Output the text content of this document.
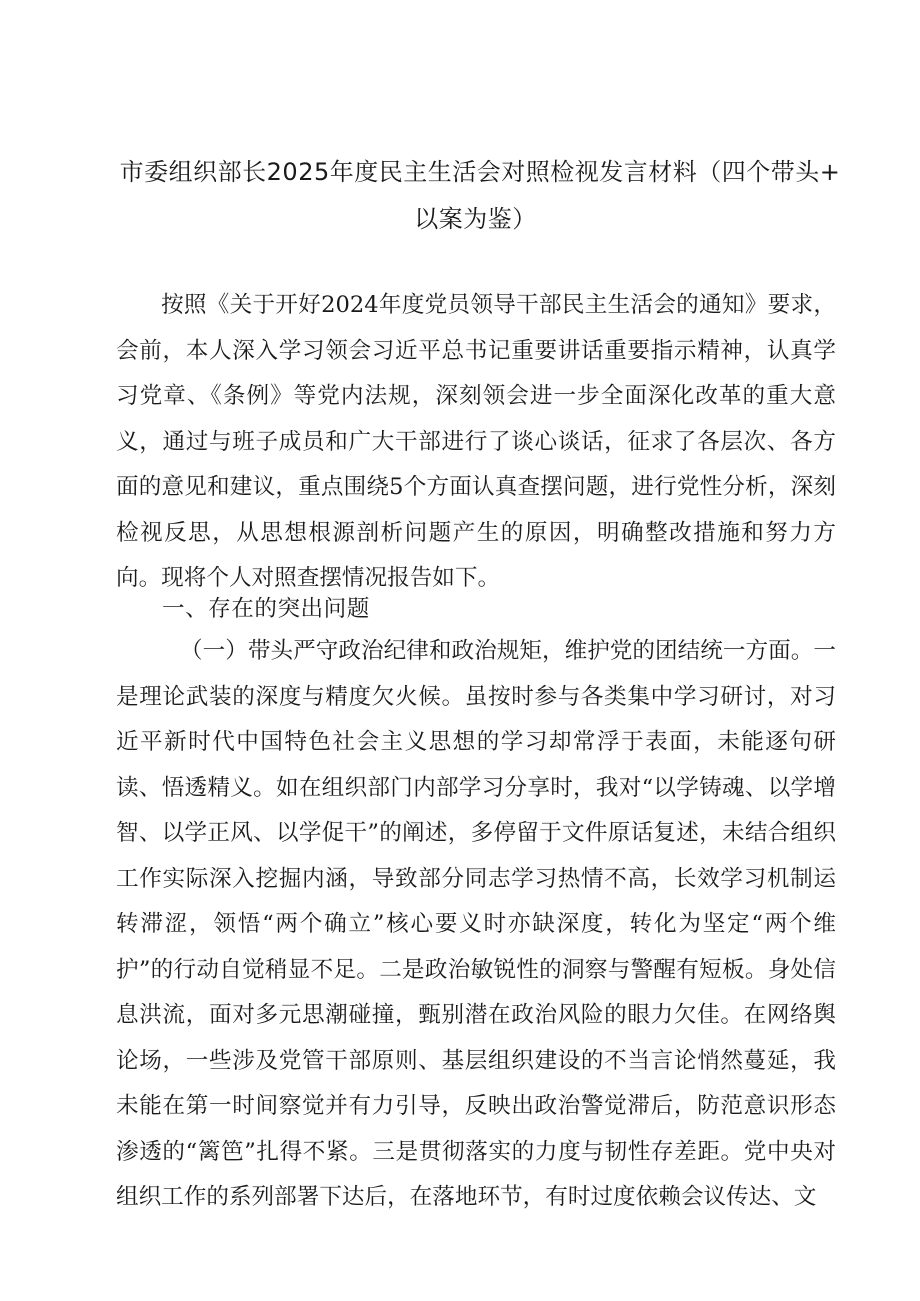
市委组织部长2025年度民主生活会对照检视发言材料（四个带头+
以案为鉴）

按照《关于开好2024年度党员领导干部民主生活会的通知》要求，会前，本人深入学习领会习近平总书记重要讲话重要指示精神，认真学习党章、《条例》等党内法规，深刻领会进一步全面深化改革的重大意义，通过与班子成员和广大干部进行了谈心谈话，征求了各层次、各方面的意见和建议，重点围绕5个方面认真查摆问题，进行党性分析，深刻检视反思，从思想根源剖析问题产生的原因，明确整改措施和努力方向。现将个人对照查摆情况报告如下。

一、存在的突出问题

（一）带头严守政治纪律和政治规矩，维护党的团结统一方面。一是理论武装的深度与精度欠火候。虽按时参与各类集中学习研讨，对习近平新时代中国特色社会主义思想的学习却常浮于表面，未能逐句研读、悟透精义。如在组织部门内部学习分享时，我对“以学铸魂、以学增智、以学正风、以学促干”的阐述，多停留于文件原话复述，未结合组织工作实际深入挖掘内涵，导致部分同志学习热情不高，长效学习机制运转滞涩，领悟“两个确立”核心要义时亦缺深度，转化为坚定“两个维护”的行动自觉稍显不足。二是政治敏锐性的洞察与警醒有短板。身处信息洪流，面对多元思潮碰撞，甄别潜在政治风险的眼力欠佳。在网络舆论场，一些涉及党管干部原则、基层组织建设的不当言论悄然蔓延，我未能在第一时间察觉并有力引导，反映出政治警觉滞后，防范意识形态渗透的“篱笆”扎得不紧。三是贯彻落实的力度与韧性存差距。党中央对组织工作的系列部署下达后，在落地环节，有时过度依赖会议传达、文
